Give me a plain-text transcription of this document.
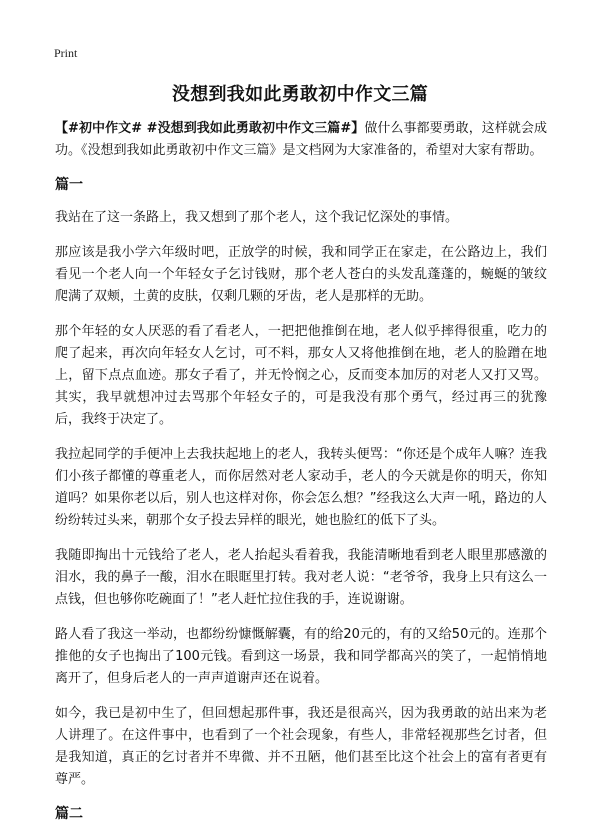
Print
没想到我如此勇敢初中作文三篇

【#初中作文# #没想到我如此勇敢初中作文三篇#】做什么事都要勇敢，这样就会成功。《没想到我如此勇敢初中作文三篇》是文档网为大家准备的，希望对大家有帮助。

篇一

我站在了这一条路上，我又想到了那个老人，这个我记忆深处的事情。

那应该是我小学六年级时吧，正放学的时候，我和同学正在家走，在公路边上，我们看见一个老人向一个年轻女子乞讨钱财，那个老人苍白的头发乱蓬蓬的，蜿蜒的皱纹爬满了双颊，土黄的皮肤，仅剩几颗的牙齿，老人是那样的无助。

那个年轻的女人厌恶的看了看老人，一把把他推倒在地，老人似乎摔得很重，吃力的爬了起来，再次向年轻女人乞讨，可不料，那女人又将他推倒在地，老人的脸蹭在地上，留下点点血迹。那女子看了，并无怜悯之心，反而变本加厉的对老人又打又骂。其实，我早就想冲过去骂那个年轻女子的，可是我没有那个勇气，经过再三的犹豫后，我终于决定了。

我拉起同学的手便冲上去我扶起地上的老人，我转头便骂：“你还是个成年人嘛？连我们小孩子都懂的尊重老人，而你居然对老人家动手，老人的今天就是你的明天，你知道吗？如果你老以后，别人也这样对你，你会怎么想？”经我这么大声一吼，路边的人纷纷转过头来，朝那个女子投去异样的眼光，她也脸红的低下了头。

我随即掏出十元钱给了老人，老人抬起头看着我，我能清晰地看到老人眼里那感激的泪水，我的鼻子一酸，泪水在眼眶里打转。我对老人说：“老爷爷，我身上只有这么一点钱，但也够你吃碗面了！”老人赶忙拉住我的手，连说谢谢。

路人看了我这一举动，也都纷纷慷慨解囊，有的给20元的，有的又给50元的。连那个推他的女子也掏出了100元钱。看到这一场景，我和同学都高兴的笑了，一起悄悄地离开了，但身后老人的一声声道谢声还在说着。

如今，我已是初中生了，但回想起那件事，我还是很高兴，因为我勇敢的站出来为老人讲理了。在这件事中，也看到了一个社会现象，有些人，非常轻视那些乞讨者，但是我知道，真正的乞讨者并不卑微、并不丑陋，他们甚至比这个社会上的富有者更有尊严。

篇二
